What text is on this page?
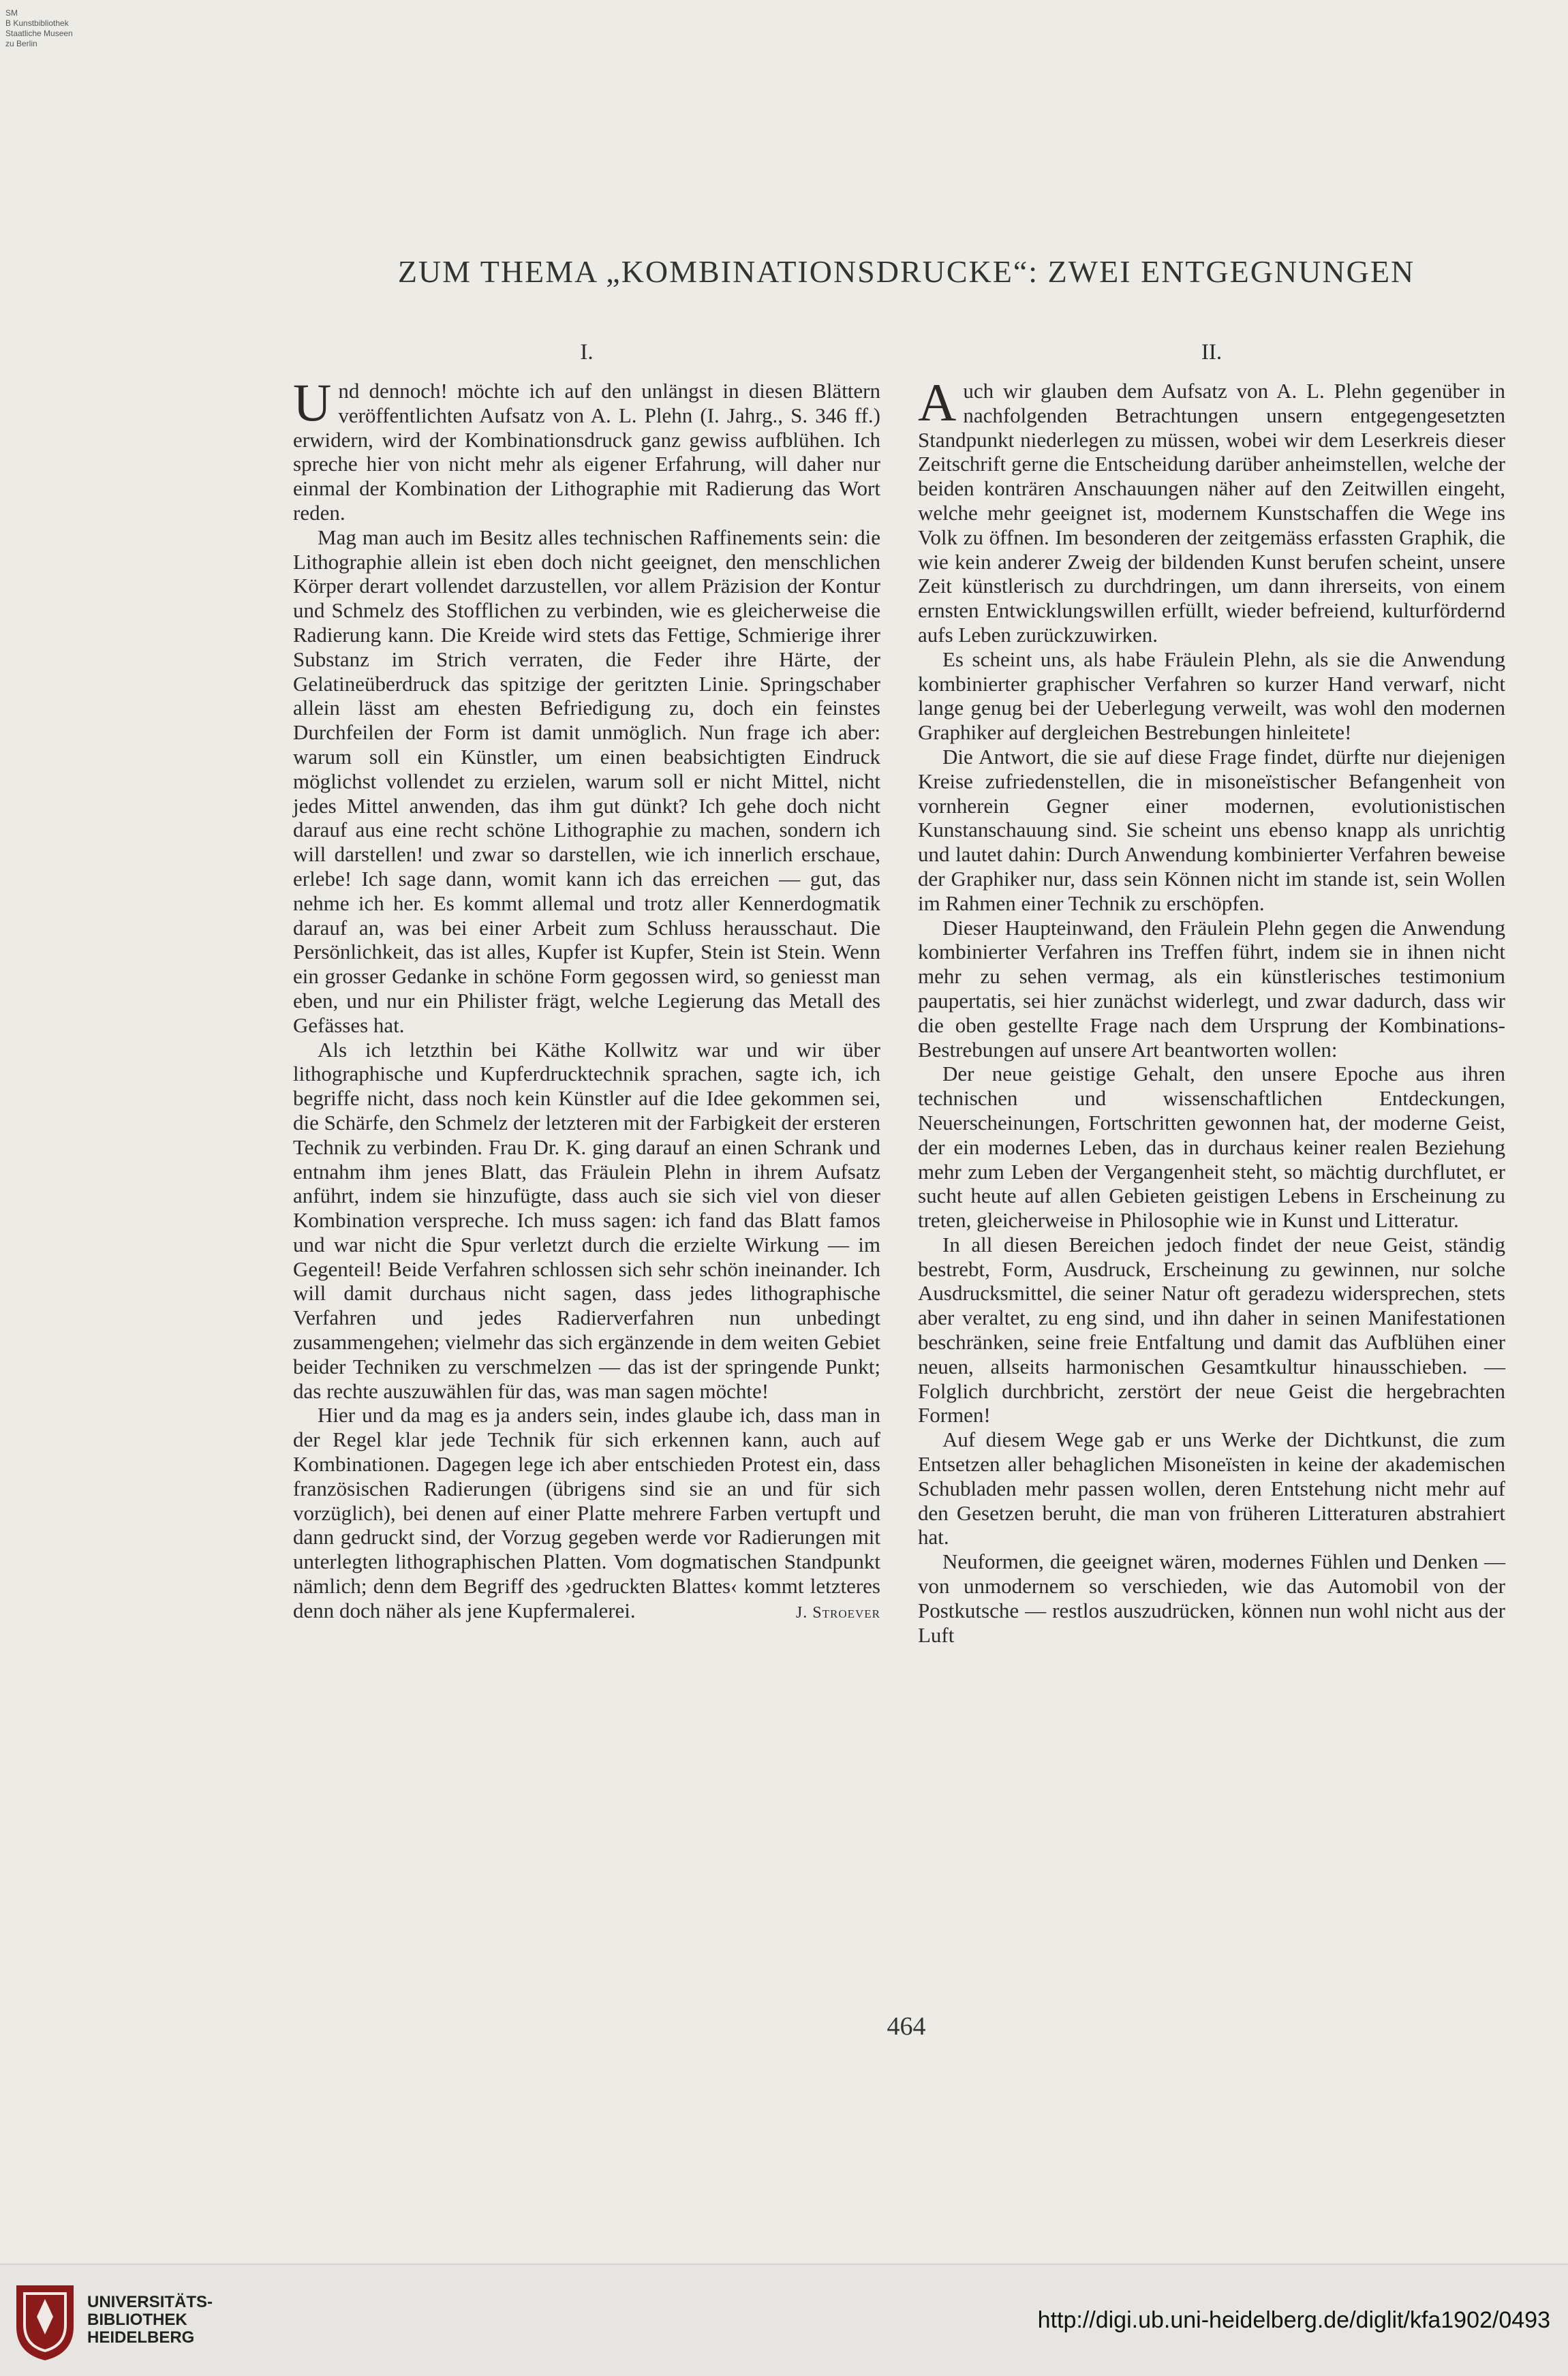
SM
B Kunstbibliothek
Staatliche Museen
zu Berlin
ZUM THEMA „KOMBINATIONSDRUCKE“: ZWEI ENTGEGNUNGEN
I.

Und dennoch! möchte ich auf den unlängst in diesen Blättern veröffentlichten Aufsatz von A. L. Plehn (I. Jahrg., S. 346 ff.) erwidern, wird der Kombinationsdruck ganz gewiss aufblühen. Ich spreche hier von nicht mehr als eigener Erfahrung, will daher nur einmal der Kombination der Lithographie mit Radierung das Wort reden.

Mag man auch im Besitz alles technischen Raffinements sein: die Lithographie allein ist eben doch nicht geeignet, den menschlichen Körper derart vollendet darzustellen, vor allem Präzision der Kontur und Schmelz des Stofflichen zu verbinden, wie es gleicherweise die Radierung kann. Die Kreide wird stets das Fettige, Schmierige ihrer Substanz im Strich verraten, die Feder ihre Härte, der Gelatineüberdruck das spitzige der geritzten Linie. Springschaber allein lässt am ehesten Befriedigung zu, doch ein feinstes Durchfeilen der Form ist damit unmöglich. Nun frage ich aber: warum soll ein Künstler, um einen beabsichtigten Eindruck möglichst vollendet zu erzielen, warum soll er nicht Mittel, nicht jedes Mittel anwenden, das ihm gut dünkt? Ich gehe doch nicht darauf aus eine recht schöne Lithographie zu machen, sondern ich will darstellen! und zwar so darstellen, wie ich innerlich erschaue, erlebe! Ich sage dann, womit kann ich das erreichen — gut, das nehme ich her. Es kommt allemal und trotz aller Kennerdogmatik darauf an, was bei einer Arbeit zum Schluss herausschaut. Die Persönlichkeit, das ist alles, Kupfer ist Kupfer, Stein ist Stein. Wenn ein grosser Gedanke in schöne Form gegossen wird, so geniesst man eben, und nur ein Philister frägt, welche Legierung das Metall des Gefässes hat.

Als ich letzthin bei Käthe Kollwitz war und wir über lithographische und Kupferdrucktechnik sprachen, sagte ich, ich begriffe nicht, dass noch kein Künstler auf die Idee gekommen sei, die Schärfe, den Schmelz der letzteren mit der Farbigkeit der ersteren Technik zu verbinden. Frau Dr. K. ging darauf an einen Schrank und entnahm ihm jenes Blatt, das Fräulein Plehn in ihrem Aufsatz anführt, indem sie hinzufügte, dass auch sie sich viel von dieser Kombination verspreche. Ich muss sagen: ich fand das Blatt famos und war nicht die Spur verletzt durch die erzielte Wirkung — im Gegenteil! Beide Verfahren schlossen sich sehr schön ineinander. Ich will damit durchaus nicht sagen, dass jedes lithographische Verfahren und jedes Radierverfahren nun unbedingt zusammengehen; vielmehr das sich ergänzende in dem weiten Gebiet beider Techniken zu verschmelzen — das ist der springende Punkt; das rechte auszuwählen für das, was man sagen möchte!

Hier und da mag es ja anders sein, indes glaube ich, dass man in der Regel klar jede Technik für sich erkennen kann, auch auf Kombinationen. Dagegen lege ich aber entschieden Protest ein, dass französischen Radierungen (übrigens sind sie an und für sich vorzüglich), bei denen auf einer Platte mehrere Farben vertupft und dann gedruckt sind, der Vorzug gegeben werde vor Radierungen mit unterlegten lithographischen Platten. Vom dogmatischen Standpunkt nämlich; denn dem Begriff des ›gedruckten Blattes‹ kommt letzteres denn doch näher als jene Kupfermalerei.	J. Stroever

II.

Auch wir glauben dem Aufsatz von A. L. Plehn gegenüber in nachfolgenden Betrachtungen unsern entgegengesetzten Standpunkt niederlegen zu müssen, wobei wir dem Leserkreis dieser Zeitschrift gerne die Entscheidung darüber anheimstellen, welche der beiden konträren Anschauungen näher auf den Zeitwillen eingeht, welche mehr geeignet ist, modernem Kunstschaffen die Wege ins Volk zu öffnen. Im besonderen der zeitgemäss erfassten Graphik, die wie kein anderer Zweig der bildenden Kunst berufen scheint, unsere Zeit künstlerisch zu durchdringen, um dann ihrerseits, von einem ernsten Entwicklungswillen erfüllt, wieder befreiend, kulturfördernd aufs Leben zurückzuwirken.

Es scheint uns, als habe Fräulein Plehn, als sie die Anwendung kombinierter graphischer Verfahren so kurzer Hand verwarf, nicht lange genug bei der Ueberlegung verweilt, was wohl den modernen Graphiker auf dergleichen Bestrebungen hinleitete!

Die Antwort, die sie auf diese Frage findet, dürfte nur diejenigen Kreise zufriedenstellen, die in misoneïstischer Befangenheit von vornherein Gegner einer modernen, evolutionistischen Kunstanschauung sind. Sie scheint uns ebenso knapp als unrichtig und lautet dahin: Durch Anwendung kombinierter Verfahren beweise der Graphiker nur, dass sein Können nicht im stande ist, sein Wollen im Rahmen einer Technik zu erschöpfen.

Dieser Haupteinwand, den Fräulein Plehn gegen die Anwendung kombinierter Verfahren ins Treffen führt, indem sie in ihnen nicht mehr zu sehen vermag, als ein künstlerisches testimonium paupertatis, sei hier zunächst widerlegt, und zwar dadurch, dass wir die oben gestellte Frage nach dem Ursprung der Kombinations-Bestrebungen auf unsere Art beantworten wollen:

Der neue geistige Gehalt, den unsere Epoche aus ihren technischen und wissenschaftlichen Entdeckungen, Neuerscheinungen, Fortschritten gewonnen hat, der moderne Geist, der ein modernes Leben, das in durchaus keiner realen Beziehung mehr zum Leben der Vergangenheit steht, so mächtig durchflutet, er sucht heute auf allen Gebieten geistigen Lebens in Erscheinung zu treten, gleicherweise in Philosophie wie in Kunst und Litteratur.

In all diesen Bereichen jedoch findet der neue Geist, ständig bestrebt, Form, Ausdruck, Erscheinung zu gewinnen, nur solche Ausdrucksmittel, die seiner Natur oft geradezu widersprechen, stets aber veraltet, zu eng sind, und ihn daher in seinen Manifestationen beschränken, seine freie Entfaltung und damit das Aufblühen einer neuen, allseits harmonischen Gesamtkultur hinausschieben. — Folglich durchbricht, zerstört der neue Geist die hergebrachten Formen!

Auf diesem Wege gab er uns Werke der Dichtkunst, die zum Entsetzen aller behaglichen Misoneïsten in keine der akademischen Schubladen mehr passen wollen, deren Entstehung nicht mehr auf den Gesetzen beruht, die man von früheren Litteraturen abstrahiert hat.

Neuformen, die geeignet wären, modernes Fühlen und Denken — von unmodernem so verschieden, wie das Automobil von der Postkutsche — restlos auszudrücken, können nun wohl nicht aus der Luft

464
UNIVERSITÄTS-
BIBLIOTHEK
HEIDELBERG
http://digi.ub.uni-heidelberg.de/diglit/kfa1902/0493
